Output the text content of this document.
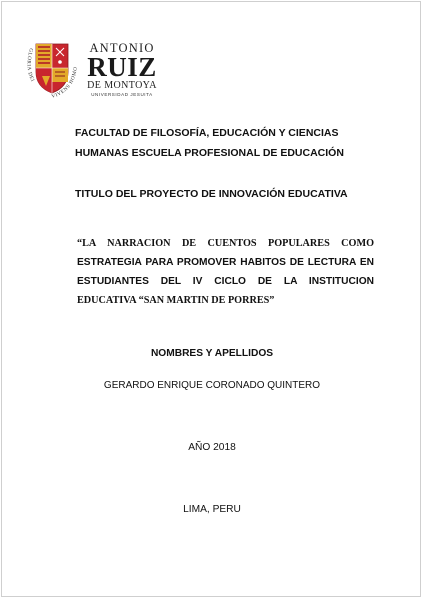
GLORIA DEI
VIVENS HOMO
ANTONIO
RUIZ
DE MONTOYA
UNIVERSIDAD JESUITA
FACULTAD DE FILOSOFÍA, EDUCACIÓN Y CIENCIAS
HUMANAS ESCUELA PROFESIONAL DE EDUCACIÓN
TITULO DEL PROYECTO DE INNOVACIÓN EDUCATIVA
“LA NARRACION DE CUENTOS POPULARES COMO ESTRATEGIA PARA PROMOVER HABITOS DE LECTURA EN ESTUDIANTES DEL IV CICLO DE LA INSTITUCION EDUCATIVA “SAN MARTIN DE PORRES”
NOMBRES Y APELLIDOS
GERARDO ENRIQUE CORONADO QUINTERO
AÑO 2018
LIMA, PERU
